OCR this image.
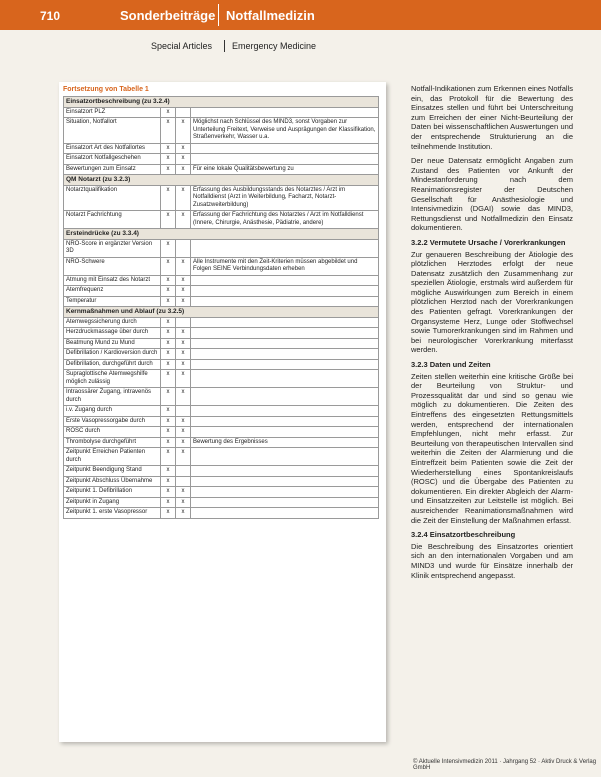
710	Sonderbeiträge Notfallmedizin
Special Articles Emergency Medicine
Fortsetzung von Tabelle 1
Einsatzortbeschreibung (zu 3.2.4)			
Einsatzort PLZ	x		
Situation, Notfallort	x	x	Möglichst nach Schlüssel des MIND3, sonst Vorgaben zur Unterteilung Freitext, Verweise und Ausprägungen der Klassifikation, Straßenverkehr, Wasser u.a.
Einsatzort Art des Notfallortes	x	x	
Einsatzort Notfallgeschehen	x	x	
Bewertungen zum Einsatz	x	x	Für eine lokale Qualitätsbewertung zu
QM Notarzt (zu 3.2.3)			
Notarztqualifikation	x	x	Erfassung des Ausbildungsstands des Notarztes / Arzt im Notfalldienst (Arzt in Weiterbildung, Facharzt, Notarzt-Zusatzweiterbildung)
Notarzt Fachrichtung	x	x	Erfassung der Fachrichtung des Notarztes / Arzt im Notfalldienst (Innere, Chirurgie, Anästhesie, Pädiatrie, andere)
Ersteindrücke (zu 3.3.4)			
NRO-Score in ergänzter Version 3D	x		
NRO-Schwere	x	x	Alle Instrumente mit den Zeit-Kriterien müssen abgebildet und Folgen SEINE Verbindungsdaten erheben
Atmung mit Einsatz des Notarzt	x	x	
Atemfrequenz	x	x	
Temperatur	x	x	
Kernmaßnahmen und Ablauf (zu 3.2.5)			
Atemwegssicherung durch	x		
Herzdruckmassage über durch	x	x	
Beatmung Mund zu Mund	x	x	
Defibrillation / Kardioversion durch	x	x	
Defibrillation, durchgeführt durch	x	x	
Supraglottische Atemwegshilfe möglich zulässig	x	x	
Intraossärer Zugang, intravenös durch	x	x	
i.v. Zugang durch	x		
Erste Vasopressorgabe durch	x	x	
ROSC durch	x	x	
Thrombolyse durchgeführt	x	x	Bewertung des Ergebnisses
Zeitpunkt Erreichen Patienten durch	x	x	
Zeitpunkt Beendigung Stand	x		
Zeitpunkt Abschluss Übernahme	x		
Zeitpunkt 1. Defibrillation	x	x	
Zeitpunkt in Zugang	x	x	
Zeitpunkt 1. erste Vasopressor	x	x	

Notfall-Indikationen zum Erkennen eines Notfalls ein, das Protokoll für die Bewertung des Einsatzes stellen und führt bei Unterschreitung zum Erreichen der einer Nicht-Beurteilung der Daten bei wissenschaftlichen Auswertungen und der entsprechende Strukturierung an die teilnehmende Institution.

Der neue Datensatz ermöglicht Angaben zum Zustand des Patienten vor Ankunft der Mindestanforderung nach dem Reanimationsregister der Deutschen Gesellschaft für Anästhesiologie und Intensivmedizin (DGAI) sowie das MIND3, Rettungsdienst und Notfallmedizin den Einsatz dokumentieren.

3.2.2 Vermutete Ursache / Vorerkrankungen

Zur genaueren Beschreibung der Ätiologie des plötzlichen Herztodes erfolgt der neue Datensatz zusätzlich den Zusammenhang zur speziellen Ätiologie, erstmals wird außerdem für mögliche Auswirkungen zum Bereich in einem plötzlichen Herztod nach der Vorerkrankungen des Patienten gefragt. Vorerkrankungen der Organsysteme Herz, Lunge oder Stoffwechsel sowie Tumorerkrankungen sind im Rahmen und bei neurologischer Vorerkrankung miterfasst werden.

3.2.3 Daten und Zeiten

Zeiten stellen weiterhin eine kritische Größe bei der Beurteilung von Struktur- und Prozessqualität dar und sind so genau wie möglich zu dokumentieren. Die Zeiten des Eintreffens des eingesetzten Rettungsmittels werden, entsprechend der internationalen Empfehlungen, nicht mehr erfasst. Zur Beurteilung von therapeutischen Intervallen sind weiterhin die Zeiten der Alarmierung und die Eintreffzeit beim Patienten sowie die Zeit der Wiederherstellung eines Spontankreislaufs (ROSC) und die Übergabe des Patienten zu dokumentieren. Ein direkter Abgleich der Alarm- und Einsatzzeiten zur Leitstelle ist möglich. Bei ausreichender Reanimationsmaßnahmen wird die Zeit der Einstellung der Maßnahmen erfasst.

3.2.4 Einsatzortbeschreibung

Die Beschreibung des Einsatzortes orientiert sich an den internationalen Vorgaben und am MIND3 und wurde für Einsätze innerhalb der Klinik entsprechend angepasst.

© Aktuelle Intensivmedizin 2011 · Jahrgang 52 · Aktiv Druck & Verlag GmbH
